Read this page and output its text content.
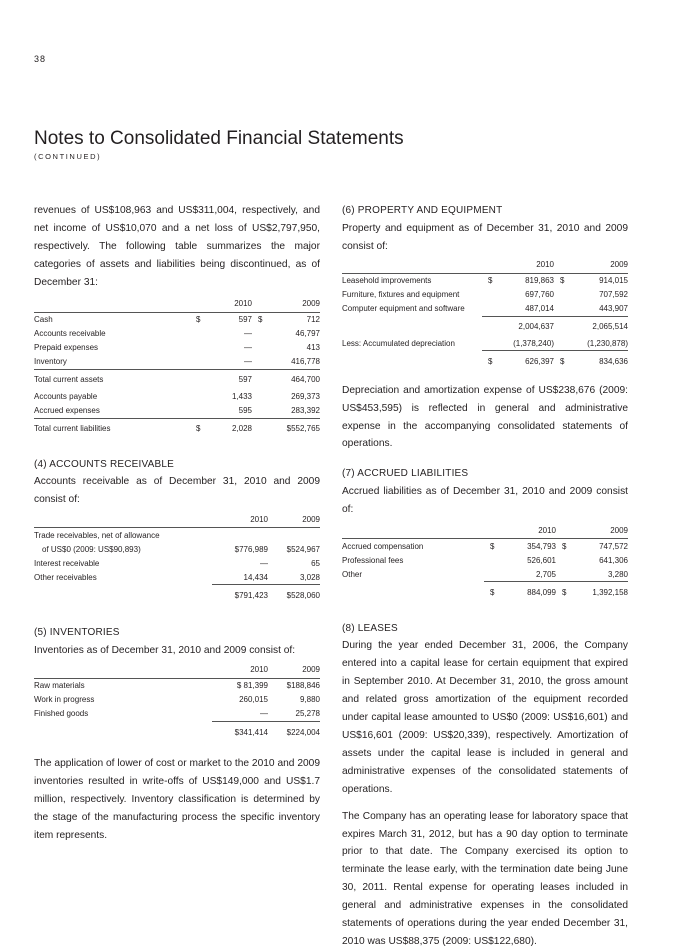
38
Notes to Consolidated Financial Statements
(CONTINUED)

revenues of US$108,963 and US$311,004, respectively, and net income of US$10,070 and a net loss of US$2,797,950, respectively. The following table summarizes the major categories of assets and liabilities being discontinued, as of December 31:

		2010		2009
Cash	$	597	$	712
Accounts receivable		—		46,797
Prepaid expenses		—		413
Inventory		—		416,778
Total current assets		597		464,700
Accounts payable		1,433		269,373
Accrued expenses		595		283,392
Total current liabilities	$	2,028		$552,765
(4) ACCOUNTS RECEIVABLE

Accounts receivable as of December 31, 2010 and 2009 consist of:

	2010	2009
Trade receivables, net of allowance		
of US$0 (2009: US$90,893)	$776,989	$524,967
Interest receivable	—	65
Other receivables	14,434	3,028
	$791,423	$528,060
(5) INVENTORIES

Inventories as of December 31, 2010 and 2009 consist of:

	2010	2009
Raw materials	$ 81,399	$188,846
Work in progress	260,015	9,880
Finished goods	—	25,278
	$341,414	$224,004

The application of lower of cost or market to the 2010 and 2009 inventories resulted in write-offs of US$149,000 and US$1.7 million, respectively. Inventory classification is determined by the stage of the manufacturing process the specific inventory item represents.

(6) PROPERTY AND EQUIPMENT

Property and equipment as of December 31, 2010 and 2009 consist of:

		2010		2009
Leasehold improvements	$	819,863	$	914,015
Furniture, fixtures and equipment		697,760		707,592
Computer equipment and software		487,014		443,907
		2,004,637		2,065,514
Less: Accumulated depreciation		(1,378,240)		(1,230,878)
	$	626,397	$	834,636

Depreciation and amortization expense of US$238,676 (2009: US$453,595) is reflected in general and administrative expense in the accompanying consolidated statements of operations.

(7) ACCRUED LIABILITIES

Accrued liabilities as of December 31, 2010 and 2009 consist of:

		2010		2009
Accrued compensation	$	354,793	$	747,572
Professional fees		526,601		641,306
Other		2,705		3,280
	$	884,099	$	1,392,158
(8) LEASES

During the year ended December 31, 2006, the Company entered into a capital lease for certain equipment that expired in September 2010. At December 31, 2010, the gross amount and related gross amortization of the equipment recorded under capital lease amounted to US$0 (2009: US$16,601) and US$16,601 (2009: US$20,339), respectively. Amortization of assets under the capital lease is included in general and administrative expenses of the consolidated statements of operations.

The Company has an operating lease for laboratory space that expires March 31, 2012, but has a 90 day option to terminate prior to that date. The Company exercised its option to terminate the lease early, with the termination date being June 30, 2011. Rental expense for operating leases included in general and administrative expenses in the consolidated statements of operations during the year ended December 31, 2010 was US$88,375 (2009: US$122,680).
